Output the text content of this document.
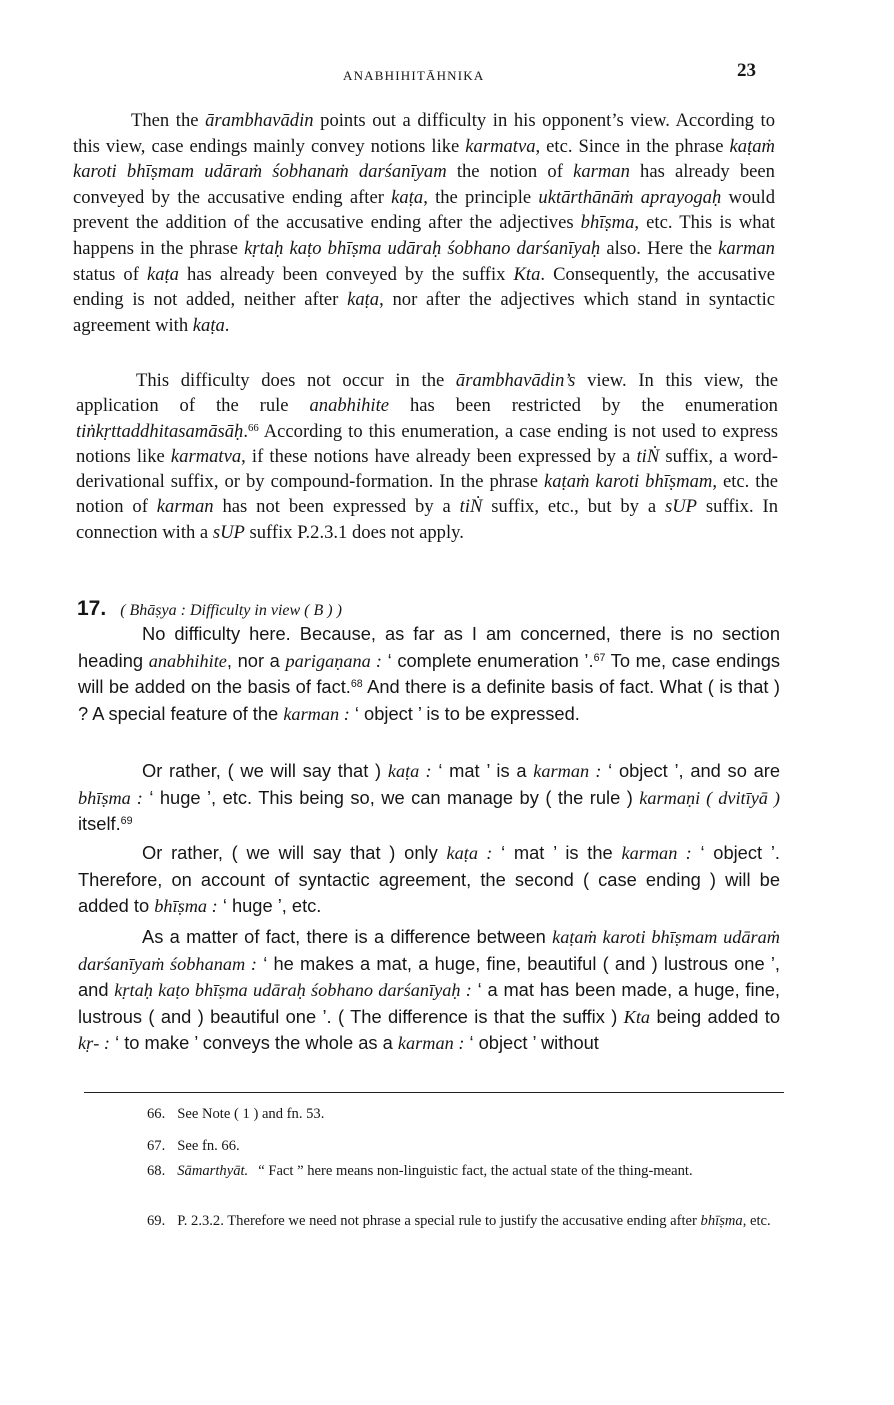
ANABHIHITĀHNIKA	23

Then the ārambhavādin points out a difficulty in his opponent’s view. According to this view, case endings mainly convey notions like karmatva, etc. Since in the phrase kaṭaṁ karoti bhīṣmam udāraṁ śobhanaṁ darśanīyam the notion of karman has already been conveyed by the accusative ending after kaṭa, the principle uktārthānāṁ aprayogaḥ would prevent the addition of the accusative ending after the adjectives bhīṣma, etc. This is what happens in the phrase kṛtaḥ kaṭo bhīṣma udāraḥ śobhano darśanīyaḥ also. Here the karman status of kaṭa has already been conveyed by the suffix Kta. Consequently, the accusative ending is not added, neither after kaṭa, nor after the adjectives which stand in syntactic agreement with kaṭa.

This difficulty does not occur in the ārambhavādin’s view. In this view, the application of the rule anabhihite has been restricted by the enumeration tiṅkṛttaddhitasamāsāḥ.$^{66}$ According to this enumeration, a case ending is not used to express notions like karmatva, if these notions have already been expressed by a tiṄ suffix, a word-derivational suffix, or by compound-formation. In the phrase kaṭaṁ karoti bhīṣmam, etc. the notion of karman has not been expressed by a tiṄ suffix, etc., but by a sUP suffix. In connection with a sUP suffix P.2.3.1 does not apply.

17. ( Bhāṣya : Difficulty in view ( B ) )

No difficulty here. Because, as far as I am concerned, there is no section heading anabhihite, nor a parigaṇana : ‘ complete enumeration ’.$^{67}$ To me, case endings will be added on the basis of fact.$^{68}$ And there is a definite basis of fact. What ( is that ) ? A special feature of the karman : ‘ object ’ is to be expressed.

Or rather, ( we will say that ) kaṭa : ‘ mat ’ is a karman : ‘ object ’, and so are bhīṣma : ‘ huge ’, etc. This being so, we can manage by ( the rule ) karmaṇi ( dvitīyā ) itself.$^{69}$

Or rather, ( we will say that ) only kaṭa : ‘ mat ’ is the karman : ‘ object ’. Therefore, on account of syntactic agreement, the second ( case ending ) will be added to bhīṣma : ‘ huge ’, etc.

As a matter of fact, there is a difference between kaṭaṁ karoti bhīṣmam udāraṁ darśanīyaṁ śobhanam : ‘ he makes a mat, a huge, fine, beautiful ( and ) lustrous one ’, and kṛtaḥ kaṭo bhīṣma udāraḥ śobhano darśanīyaḥ : ‘ a mat has been made, a huge, fine, lustrous ( and ) beautiful one ’. ( The difference is that the suffix ) Kta being added to kṛ- : ‘ to make ’ conveys the whole as a karman : ‘ object ’ without

66. See Note ( 1 ) and fn. 53.

67. See fn. 66.

68. Sāmarthyāt. “ Fact ” here means non-linguistic fact, the actual state of the thing-meant.

69. P. 2.3.2. Therefore we need not phrase a special rule to justify the accusative ending after bhīṣma, etc.
